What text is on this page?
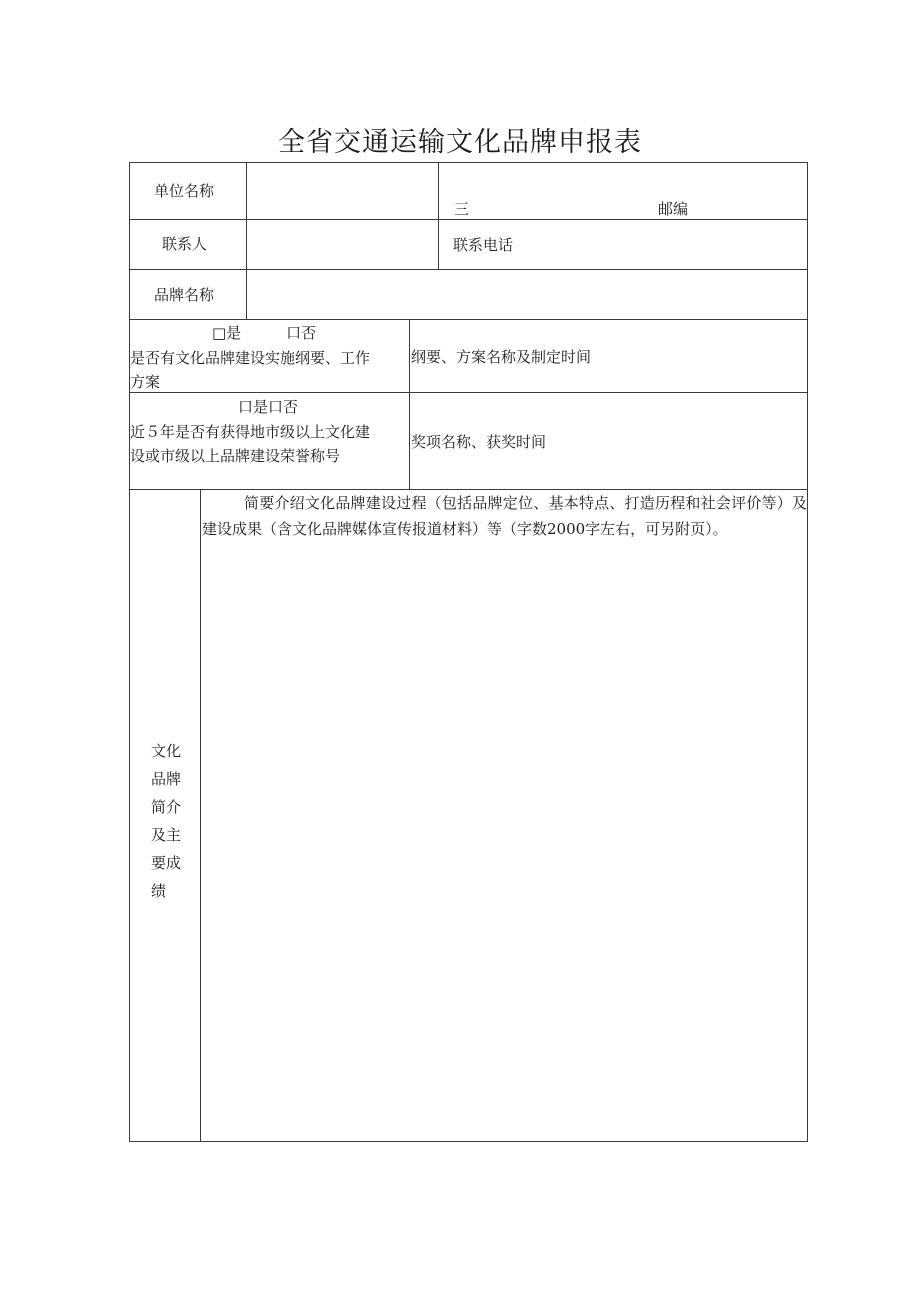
全省交通运输文化品牌申报表
单位名称
三	邮编
联系人	联系电话
品牌名称
□是　　　口否
是否有文化品牌建设实施纲要、工作
方案
纲要、方案名称及制定时间
口是口否
近５年是否有获得地市级以上文化建
设或市级以上品牌建设荣誉称号
奖项名称、获奖时间
文化
品牌
简介
及主
要成
绩
简要介绍文化品牌建设过程（包括品牌定位、基本特点、打造历程和社会评价等）及建设成果（含文化品牌媒体宣传报道材料）等（字数2000字左右，可另附页）。
